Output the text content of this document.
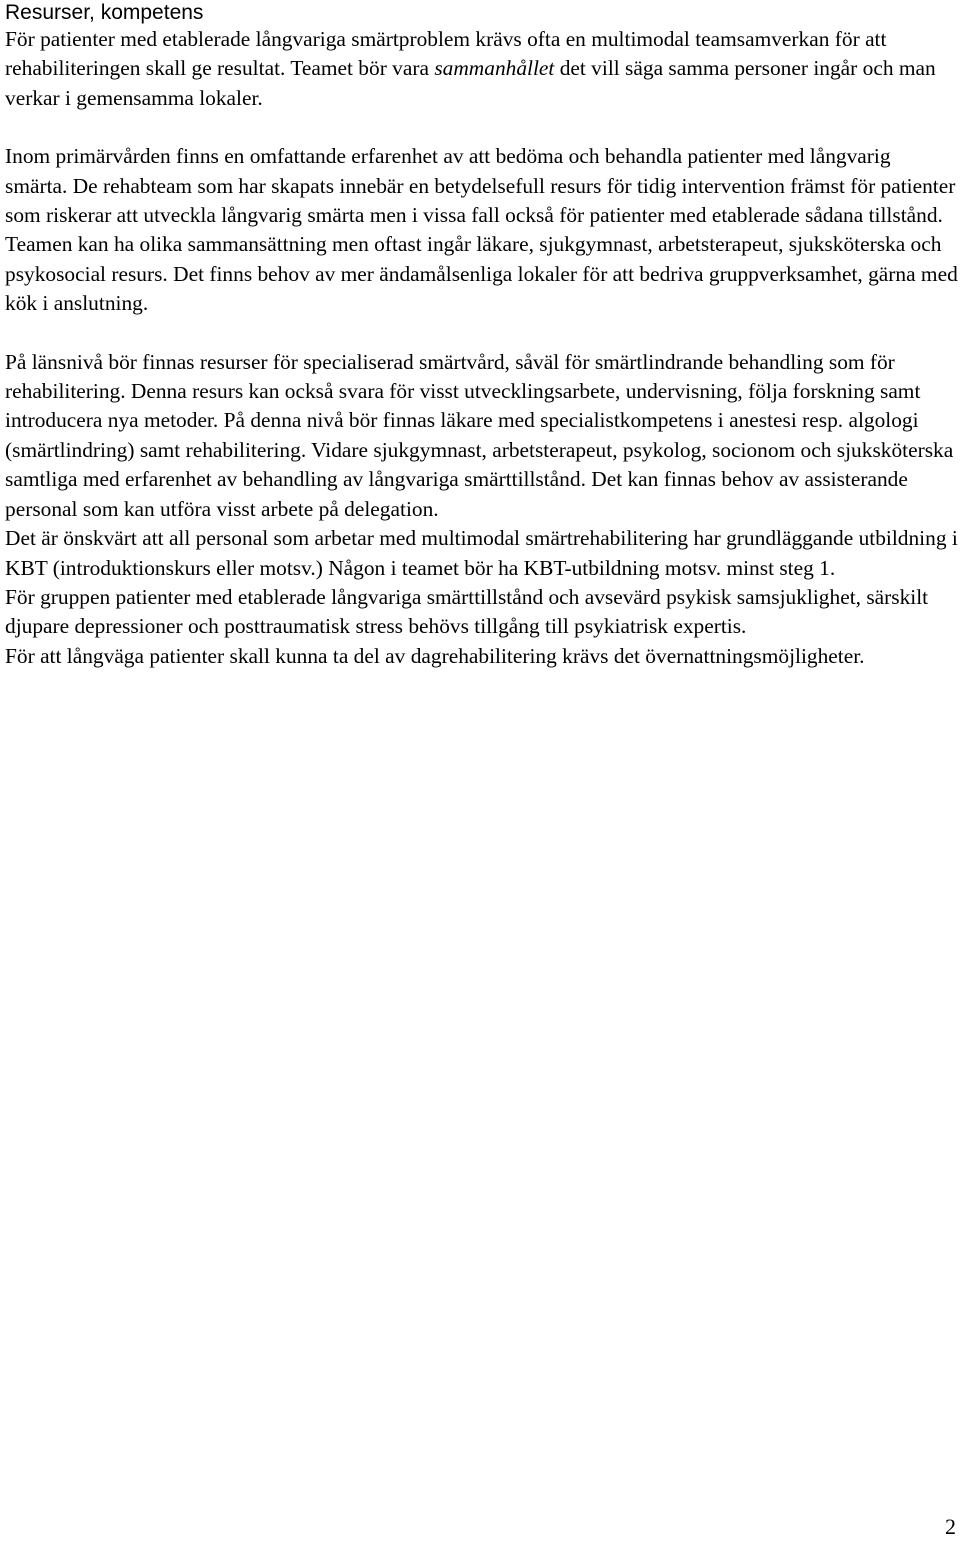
Resurser, kompetens

För patienter med etablerade långvariga smärtproblem krävs ofta en multimodal teamsamverkan för att rehabiliteringen skall ge resultat. Teamet bör vara sammanhållet det vill säga samma personer ingår och man verkar i gemensamma lokaler.

Inom primärvården finns en omfattande erfarenhet av att bedöma och behandla patienter med långvarig smärta. De rehabteam som har skapats innebär en betydelsefull resurs för tidig intervention främst för patienter som riskerar att utveckla långvarig smärta men i vissa fall också för patienter med etablerade sådana tillstånd. Teamen kan ha olika sammansättning men oftast ingår läkare, sjukgymnast, arbetsterapeut, sjuksköterska och psykosocial resurs. Det finns behov av mer ändamålsenliga lokaler för att bedriva gruppverksamhet, gärna med kök i anslutning.

På länsnivå bör finnas resurser för specialiserad smärtvård, såväl för smärtlindrande behandling som för rehabilitering. Denna resurs kan också svara för visst utvecklingsarbete, undervisning, följa forskning samt introducera nya metoder. På denna nivå bör finnas läkare med specialistkompetens i anestesi resp. algologi (smärtlindring) samt rehabilitering. Vidare sjukgymnast, arbetsterapeut, psykolog, socionom och sjuksköterska samtliga med erfarenhet av behandling av långvariga smärttillstånd. Det kan finnas behov av assisterande personal som kan utföra visst arbete på delegation.

Det är önskvärt att all personal som arbetar med multimodal smärtrehabilitering har grundläggande utbildning i KBT (introduktionskurs eller motsv.) Någon i teamet bör ha KBT-utbildning motsv. minst steg 1.

För gruppen patienter med etablerade långvariga smärttillstånd och avsevärd psykisk samsjuklighet, särskilt djupare depressioner och posttraumatisk stress behövs tillgång till psykiatrisk expertis.

För att långväga patienter skall kunna ta del av dagrehabilitering krävs det övernattningsmöjligheter.

2
